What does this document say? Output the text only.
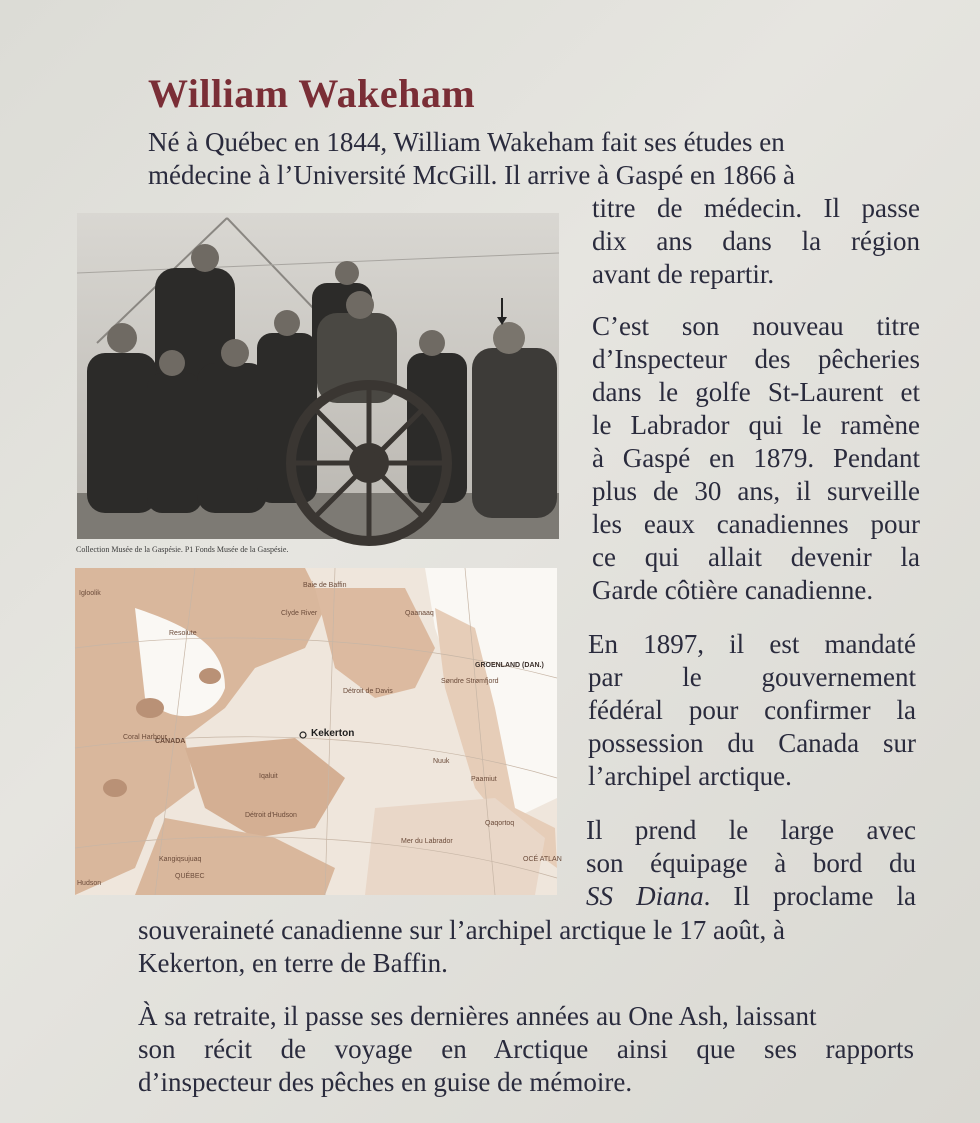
William Wakeham
Né à Québec en 1844, William Wakeham fait ses études en
médecine à l’Université McGill. Il arrive à Gaspé en 1866 à
titre de médecin. Il passe
dix ans dans la région
avant de repartir.
C’est son nouveau titre
d’Inspecteur des pêcheries
dans le golfe St-Laurent et
le Labrador qui le ramène
à Gaspé en 1879. Pendant
plus de 30 ans, il surveille
les eaux canadiennes pour
ce qui allait devenir la
Garde côtière canadienne.
En 1897, il est mandaté
par le gouvernement
fédéral pour confirmer la
possession du Canada sur
l’archipel arctique.
Il prend le large avec
son équipage à bord du
SS Diana. Il proclame la
souveraineté canadienne sur l’archipel arctique le 17 août, à
Kekerton, en terre de Baffin.
À sa retraite, il passe ses dernières années au One Ash, laissant
son récit de voyage en Arctique ainsi que ses rapports
d’inspecteur des pêches en guise de mémoire.
Collection Musée de la Gaspésie. P1 Fonds Musée de la Gaspésie.
Baie de Baffin
Clyde River	Qaanaaq
GROENLAND (DAN.)
Søndre Strømfjord
Détroit de Davis
Kekerton
CANADA
Coral Harbour
Iqaluit
Détroit d'Hudson
Mer du Labrador
OCÉ ATLAN
QUÉBEC
Hudson
Nuuk
Paamiut
Qaqortoq
Igloolik
Resolute
Kangiqsujuaq
